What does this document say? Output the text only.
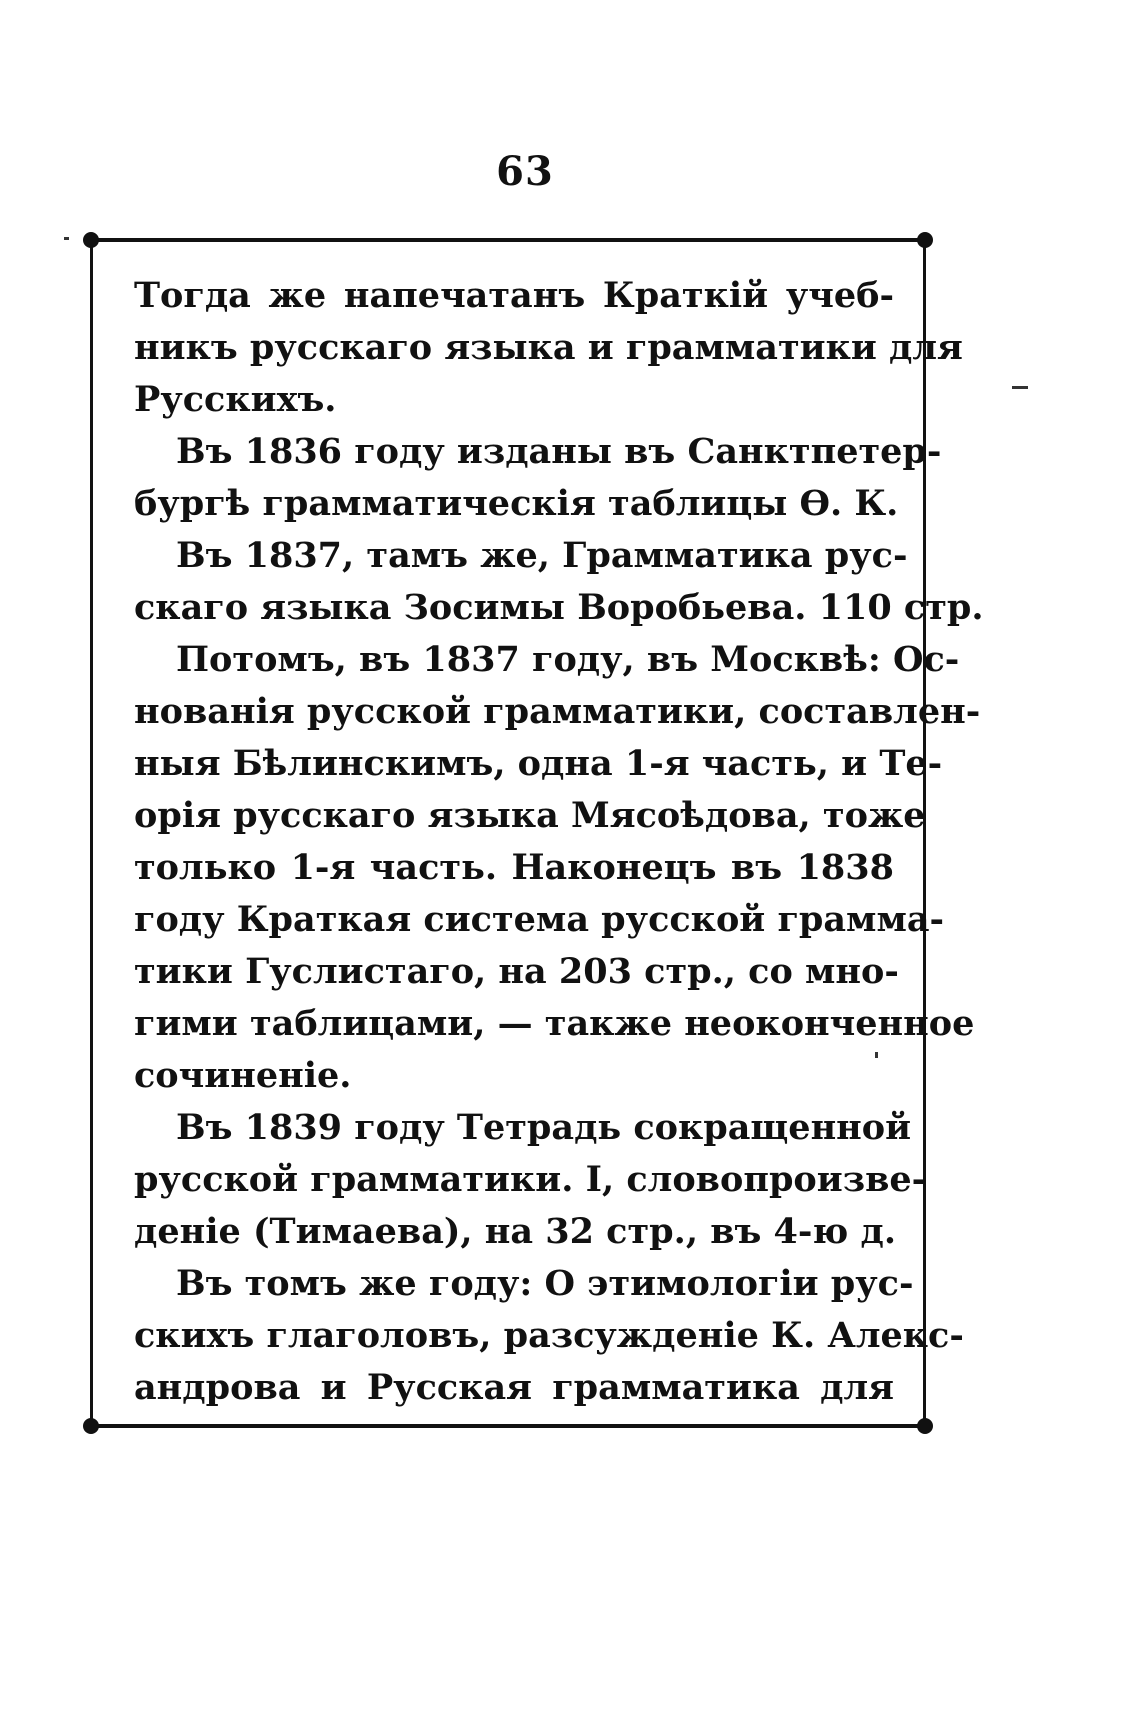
63

Тогда же напечатанъ Краткій учеб-
никъ русскаго языка и грамматики для
Русскихъ.

Въ 1836 году изданы въ Санктпетер-
бургѣ грамматическія таблицы Ѳ. К.

Въ 1837, тамъ же, Грамматика рус-
скаго языка Зосимы Воробьева. 110 стр.

Потомъ, въ 1837 году, въ Москвѣ: Ос-
нованія русской грамматики, составлен-
ныя Бѣлинскимъ, одна 1-я часть, и Те-
орія русскаго языка Мясоѣдова, тоже
только 1-я часть. Наконецъ въ 1838
году Краткая система русской грамма-
тики Гуслистаго, на 203 стр., со мно-
гими таблицами, — также неоконченное
сочиненіе.

Въ 1839 году Тетрадь сокращенной
русской грамматики. I, словопроизве-
деніе (Тимаева), на 32 стр., въ 4-ю д.

Въ томъ же году: О этимологіи рус-
скихъ глаголовъ, разсужденіе К. Алекс-
андрова и Русская грамматика для
